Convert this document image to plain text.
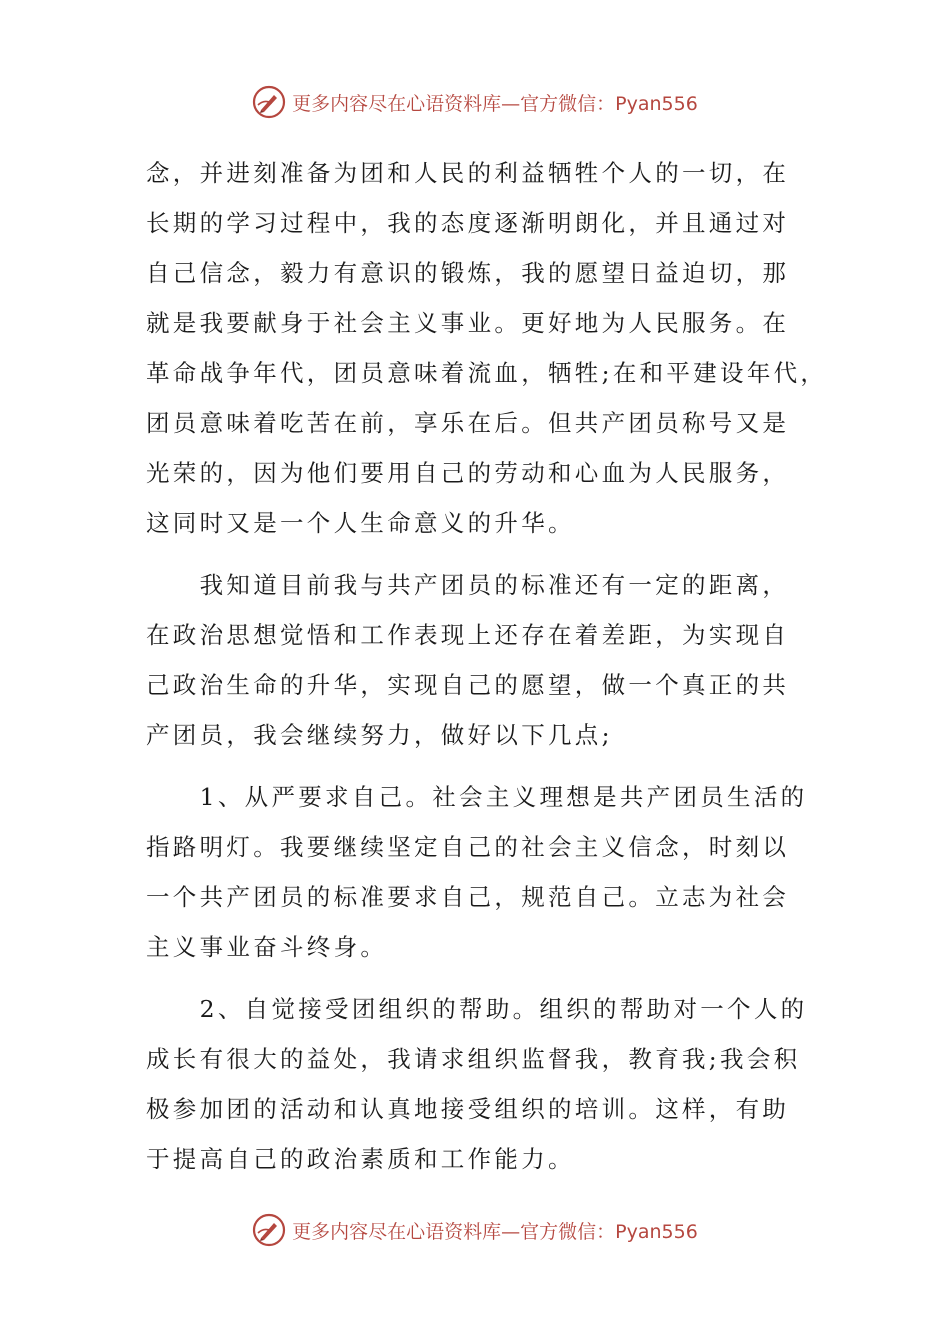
更多内容尽在心语资料库—官方微信：Pyan556
念，并进刻准备为团和人民的利益牺牲个人的一切，在
长期的学习过程中，我的态度逐渐明朗化，并且通过对
自己信念，毅力有意识的锻炼，我的愿望日益迫切，那
就是我要献身于社会主义事业。更好地为人民服务。在
革命战争年代，团员意味着流血，牺牲;在和平建设年代，
团员意味着吃苦在前，享乐在后。但共产团员称号又是
光荣的，因为他们要用自己的劳动和心血为人民服务，
这同时又是一个人生命意义的升华。
　　我知道目前我与共产团员的标准还有一定的距离，
在政治思想觉悟和工作表现上还存在着差距，为实现自
己政治生命的升华，实现自己的愿望，做一个真正的共
产团员，我会继续努力，做好以下几点;
　　1、从严要求自己。社会主义理想是共产团员生活的
指路明灯。我要继续坚定自己的社会主义信念，时刻以
一个共产团员的标准要求自己，规范自己。立志为社会
主义事业奋斗终身。
　　2、自觉接受团组织的帮助。组织的帮助对一个人的
成长有很大的益处，我请求组织监督我，教育我;我会积
极参加团的活动和认真地接受组织的培训。这样，有助
于提高自己的政治素质和工作能力。
更多内容尽在心语资料库—官方微信：Pyan556
